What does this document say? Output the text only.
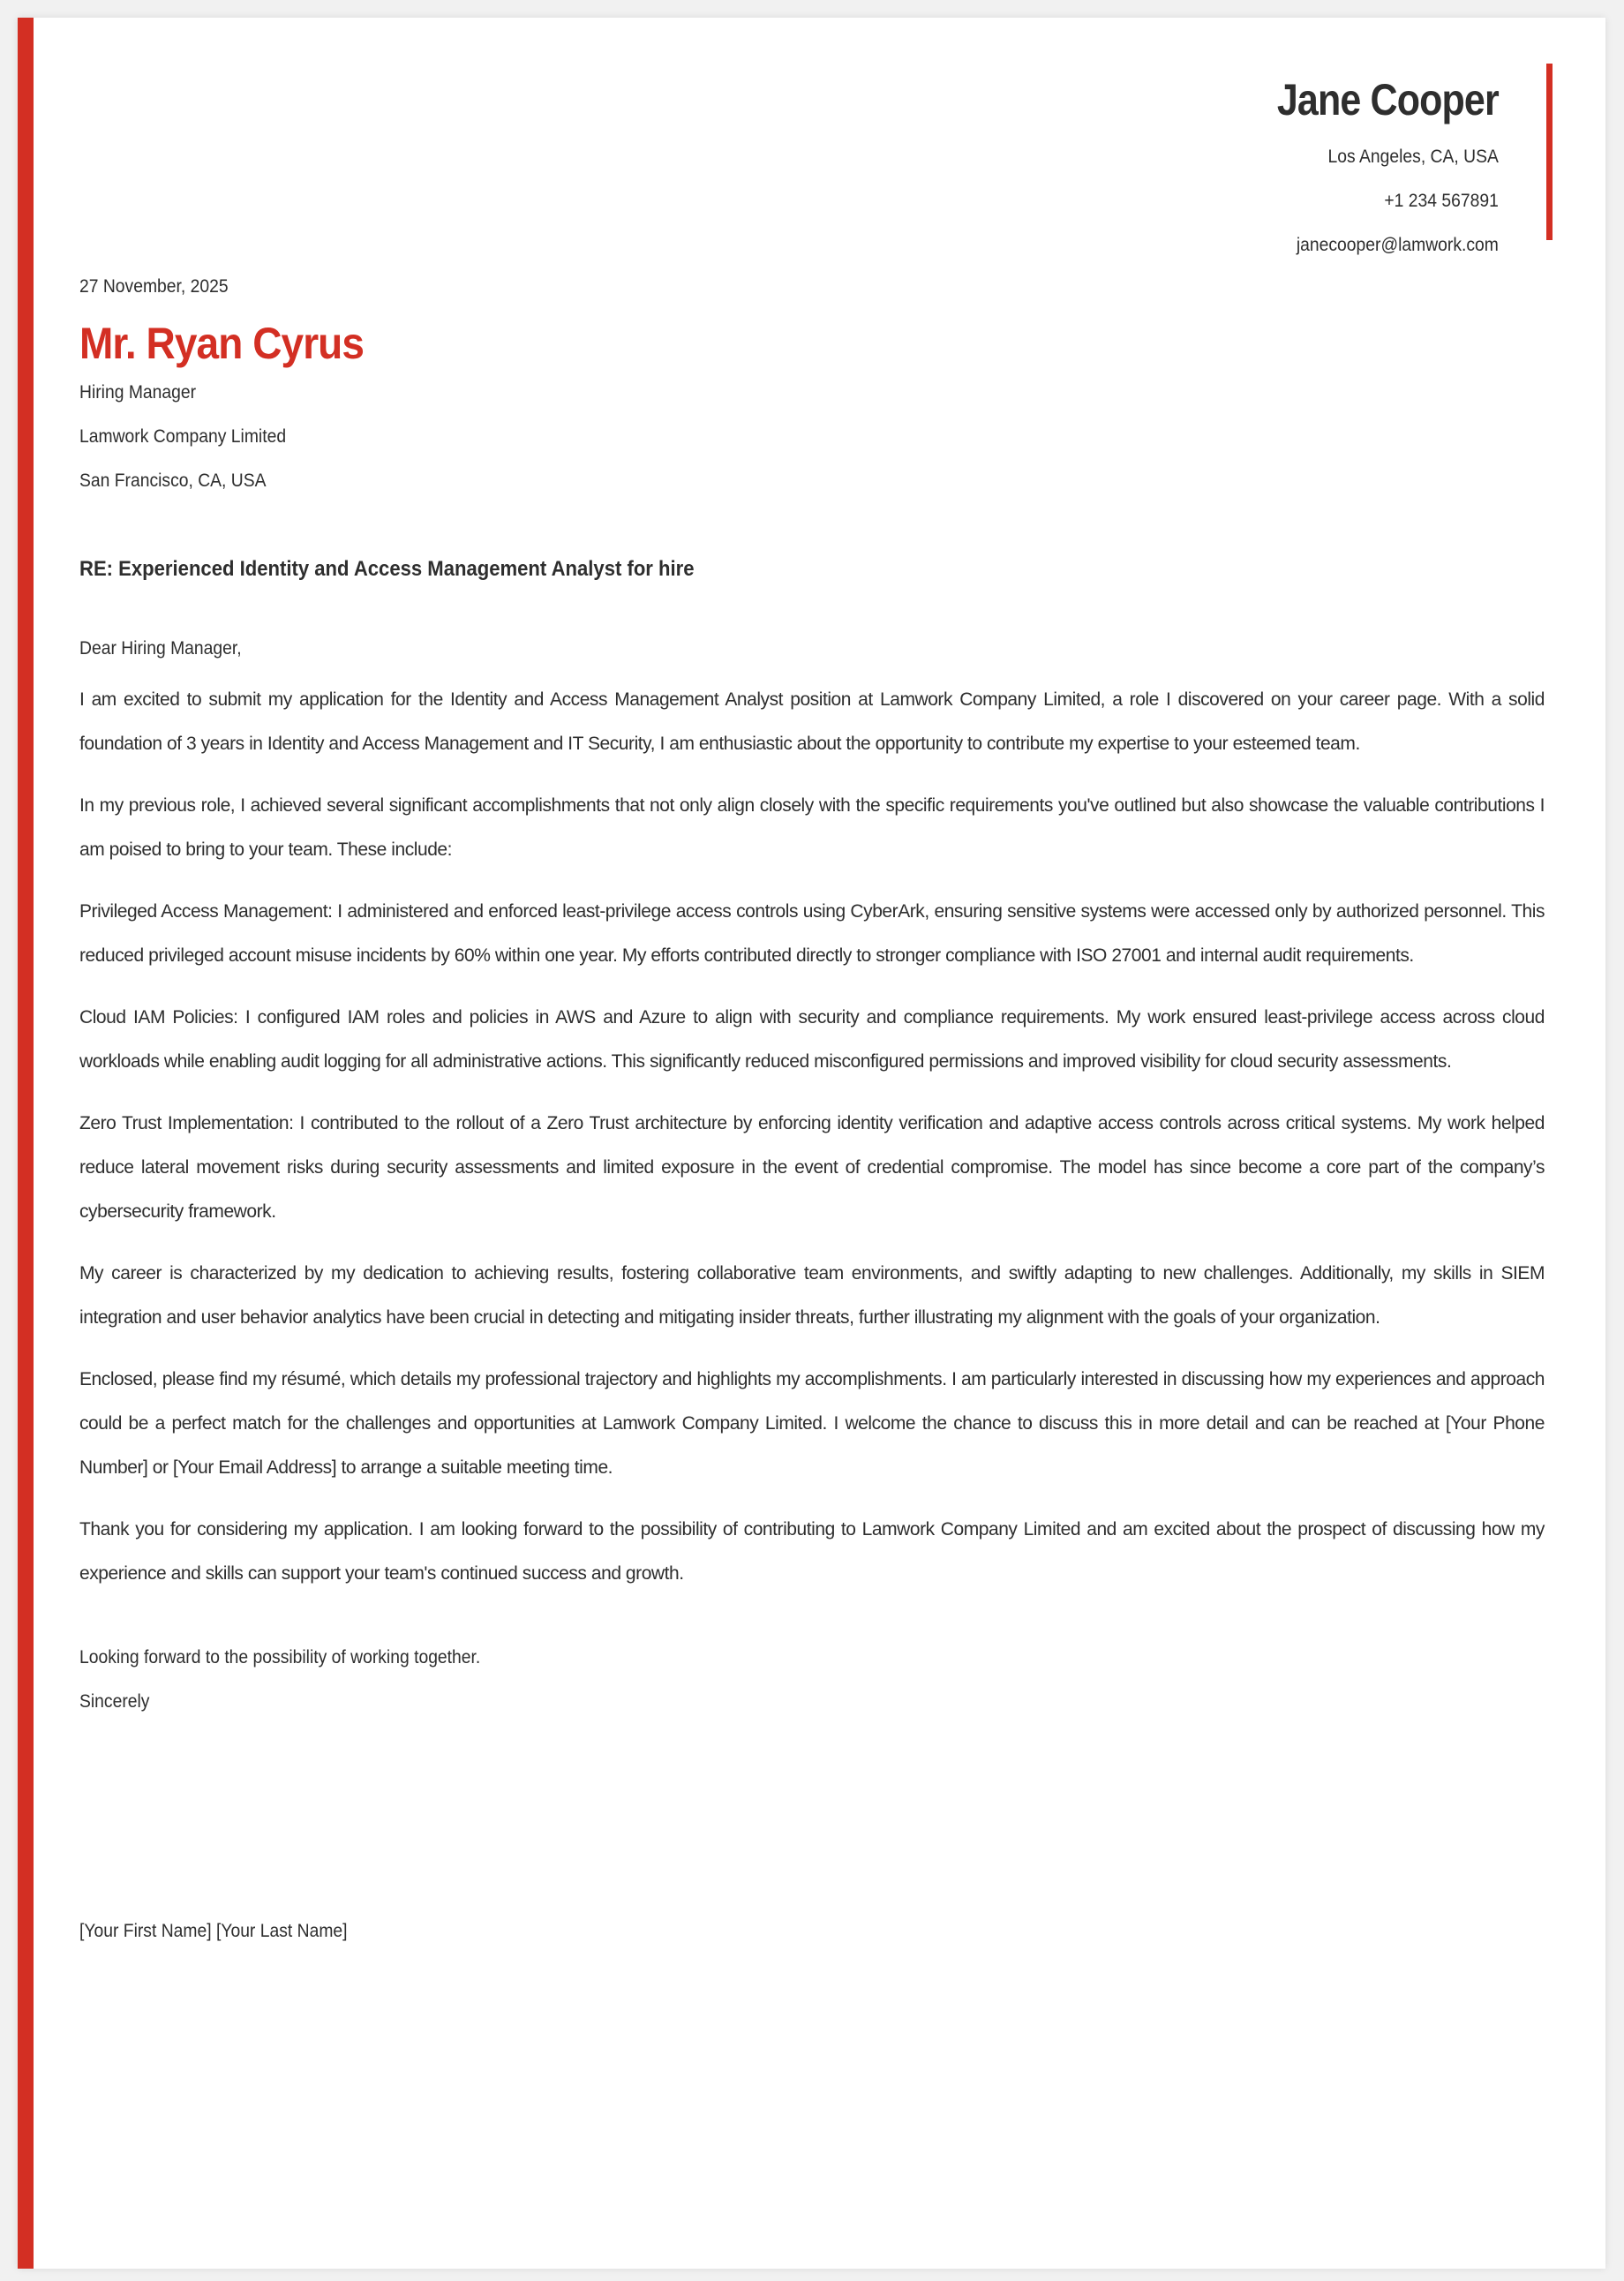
Jane Cooper
Los Angeles, CA, USA
+1 234 567891
janecooper@lamwork.com
27 November, 2025
Mr. Ryan Cyrus
Hiring Manager
Lamwork Company Limited
San Francisco, CA, USA
RE: Experienced Identity and Access Management Analyst for hire
Dear Hiring Manager,

I am excited to submit my application for the Identity and Access Management Analyst position at Lamwork Company Limited, a role I discovered on your career page. With a solid foundation of 3 years in Identity and Access Management and IT Security, I am enthusiastic about the opportunity to contribute my expertise to your esteemed team.

In my previous role, I achieved several significant accomplishments that not only align closely with the specific requirements you've outlined but also showcase the valuable contributions I am poised to bring to your team. These include:

Privileged Access Management: I administered and enforced least-privilege access controls using CyberArk, ensuring sensitive systems were accessed only by authorized personnel. This reduced privileged account misuse incidents by 60% within one year. My efforts contributed directly to stronger compliance with ISO 27001 and internal audit requirements.

Cloud IAM Policies: I configured IAM roles and policies in AWS and Azure to align with security and compliance requirements. My work ensured least-privilege access across cloud workloads while enabling audit logging for all administrative actions. This significantly reduced misconfigured permissions and improved visibility for cloud security assessments.

Zero Trust Implementation: I contributed to the rollout of a Zero Trust architecture by enforcing identity verification and adaptive access controls across critical systems. My work helped reduce lateral movement risks during security assessments and limited exposure in the event of credential compromise. The model has since become a core part of the company’s cybersecurity framework.

My career is characterized by my dedication to achieving results, fostering collaborative team environments, and swiftly adapting to new challenges. Additionally, my skills in SIEM integration and user behavior analytics have been crucial in detecting and mitigating insider threats, further illustrating my alignment with the goals of your organization.

Enclosed, please find my résumé, which details my professional trajectory and highlights my accomplishments. I am particularly interested in discussing how my experiences and approach could be a perfect match for the challenges and opportunities at Lamwork Company Limited. I welcome the chance to discuss this in more detail and can be reached at [Your Phone Number] or [Your Email Address] to arrange a suitable meeting time.

Thank you for considering my application. I am looking forward to the possibility of contributing to Lamwork Company Limited and am excited about the prospect of discussing how my experience and skills can support your team's continued success and growth.

Looking forward to the possibility of working together.
Sincerely
[Your First Name] [Your Last Name]
